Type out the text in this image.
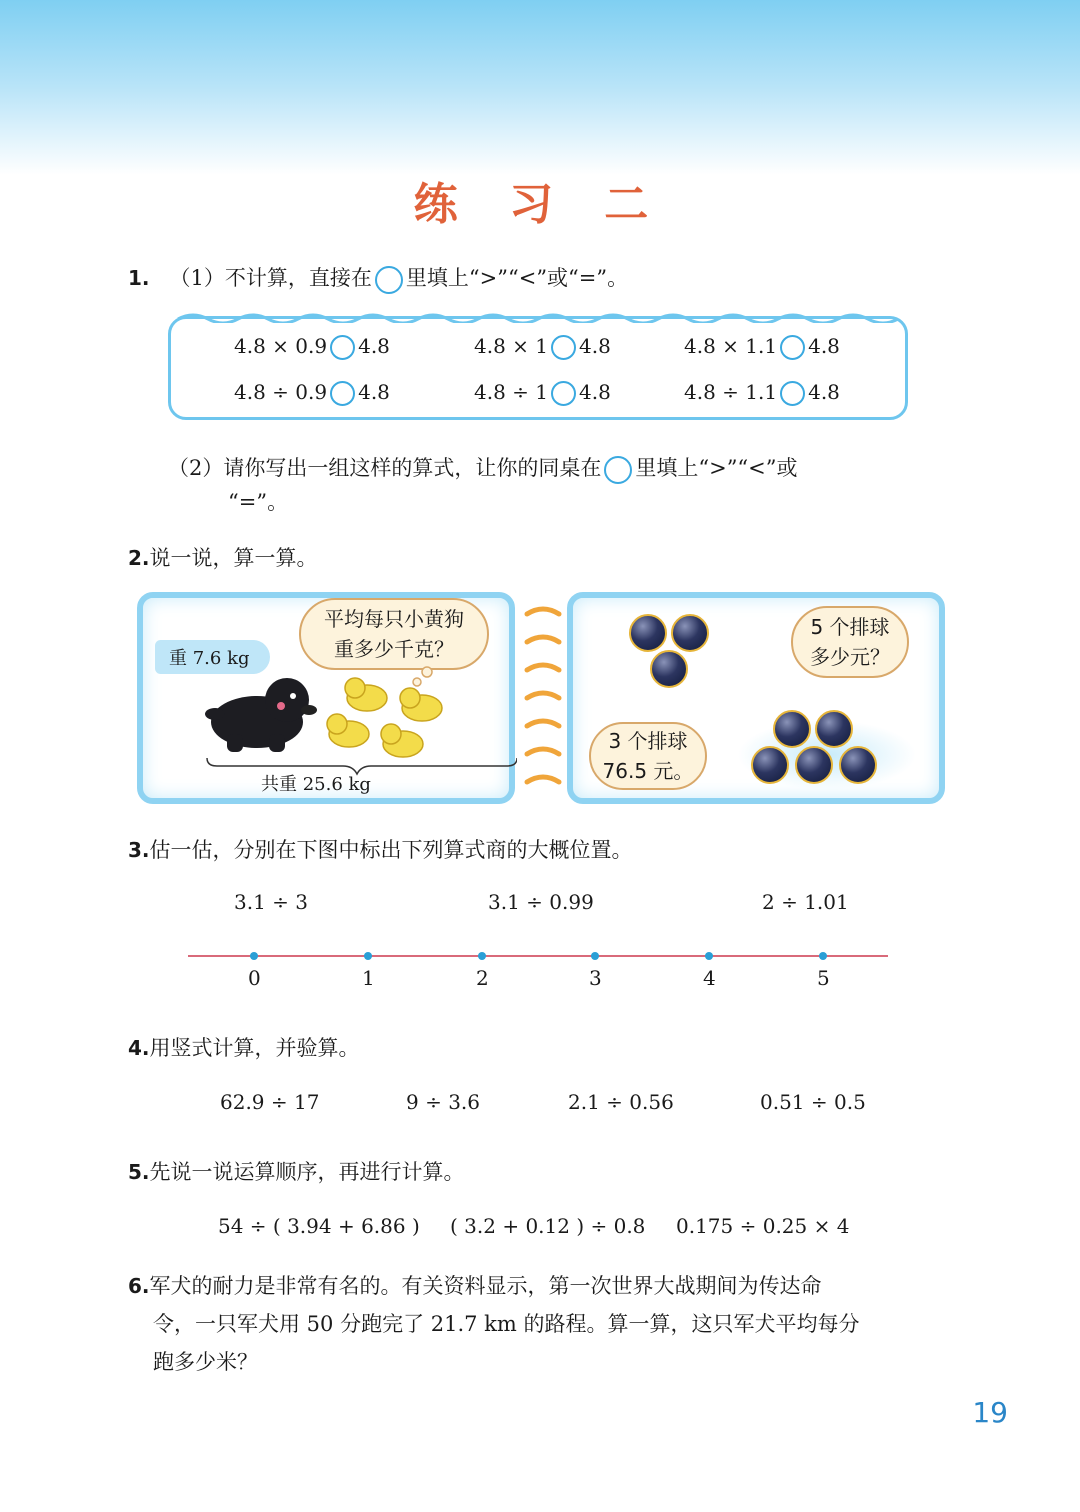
练 习 二
1. （1）不计算，直接在 里填上“>”“<”或“=”。
4.8 × 0.9 4.8	4.8 × 1 4.8	4.8 × 1.1 4.8
4.8 ÷ 0.9 4.8	4.8 ÷ 1 4.8	4.8 ÷ 1.1 4.8
（2）请你写出一组这样的算式，让你的同桌在 里填上“>”“<”或
“=”。
2.说一说，算一算。
重 7.6 kg
平均每只小黄狗
重多少千克？
共重 25.6 kg
5 个排球
多少元？
3 个排球
76.5 元。
3.估一估，分别在下图中标出下列算式商的大概位置。
3.1 ÷ 3	3.1 ÷ 0.99	2 ÷ 1.01
0	1	2	3	4	5
4.用竖式计算，并验算。
62.9 ÷ 17	9 ÷ 3.6	2.1 ÷ 0.56	0.51 ÷ 0.5
5.先说一说运算顺序，再进行计算。
54 ÷ ( 3.94 + 6.86 ) ( 3.2 + 0.12 ) ÷ 0.8 0.175 ÷ 0.25 × 4
6.军犬的耐力是非常有名的。有关资料显示，第一次世界大战期间为传达命
令，一只军犬用 50 分跑完了 21.7 km 的路程。算一算，这只军犬平均每分
跑多少米？
19
